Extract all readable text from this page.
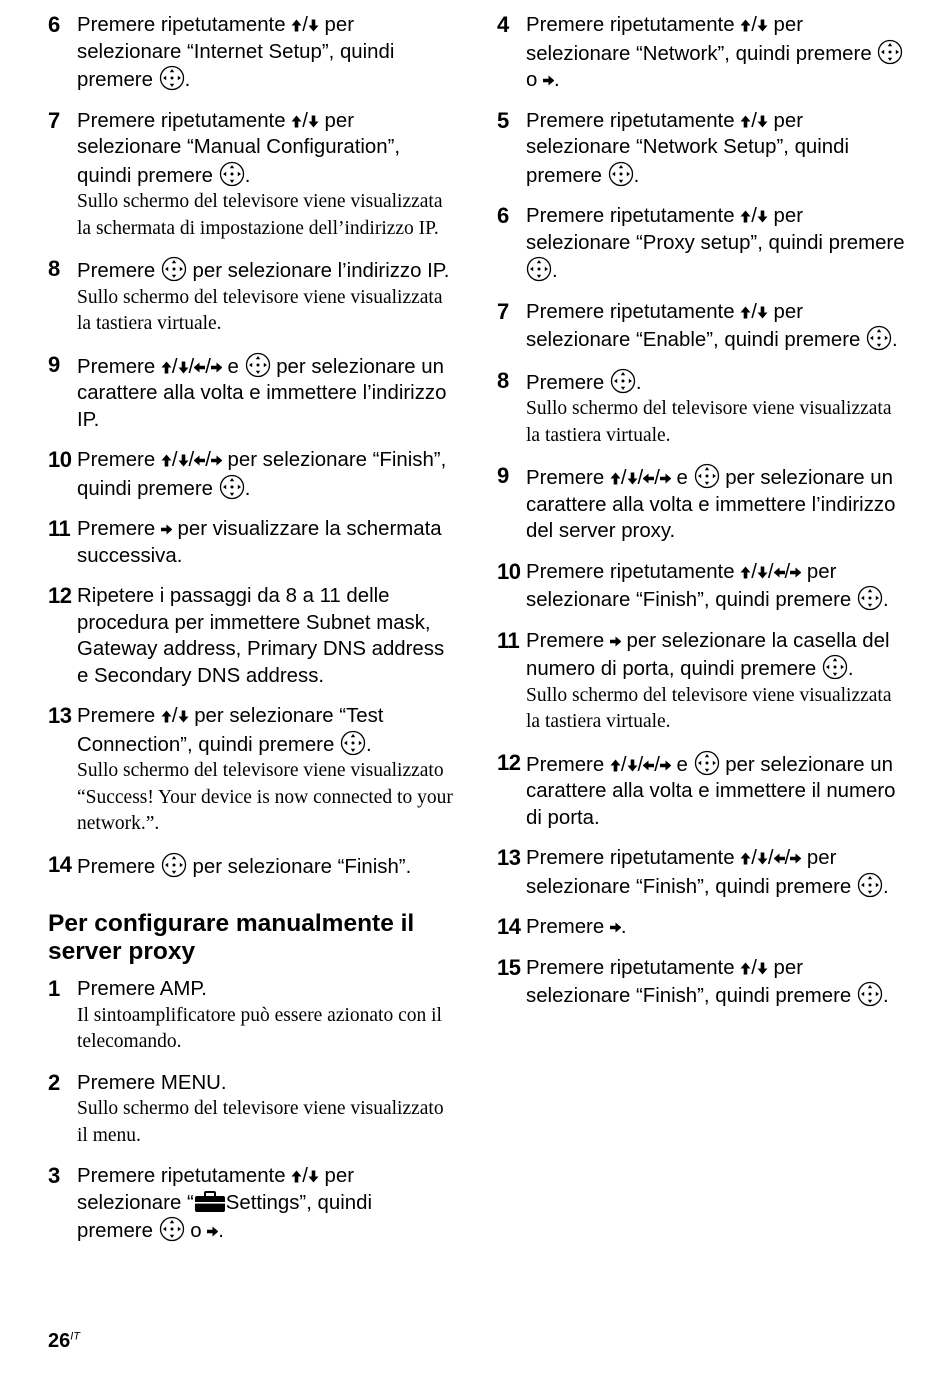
6 Premere ripetutamente / per selezionare “Internet Setup”, quindi premere .
7 Premere ripetutamente / per selezionare “Manual Configuration”, quindi premere .
Sullo schermo del televisore viene visualizzata la schermata di impostazione dell’indirizzo IP.
8 Premere  per selezionare l’indirizzo IP.
Sullo schermo del televisore viene visualizzata la tastiera virtuale.
9 Premere / / / e  per selezionare un carattere alla volta e immettere l’indirizzo IP.
10 Premere / / / per selezionare “Finish”, quindi premere .
11 Premere  per visualizzare la schermata successiva.
12 Ripetere i passaggi da 8 a 11 delle procedura per immettere Subnet mask, Gateway address, Primary DNS address e Secondary DNS address.
13 Premere / per selezionare “Test Connection”, quindi premere .
Sullo schermo del televisore viene visualizzato “Success! Your device is now connected to your network.”.
14 Premere  per selezionare “Finish”.
Per configurare manualmente il server proxy
1 Premere AMP.
Il sintoamplificatore può essere azionato con il telecomando.
2 Premere MENU.
Sullo schermo del televisore viene visualizzato il menu.
3 Premere ripetutamente / per selezionare “ Settings”, quindi premere  o .
4 Premere ripetutamente / per selezionare “Network”, quindi premere  o .
5 Premere ripetutamente / per selezionare “Network Setup”, quindi premere .
6 Premere ripetutamente / per selezionare “Proxy setup”, quindi premere .
7 Premere ripetutamente / per selezionare “Enable”, quindi premere .
8 Premere .
Sullo schermo del televisore viene visualizzata la tastiera virtuale.
9 Premere / / / e  per selezionare un carattere alla volta e immettere l’indirizzo del server proxy.
10 Premere ripetutamente / / / per selezionare “Finish”, quindi premere .
11 Premere  per selezionare la casella del numero di porta, quindi premere .
Sullo schermo del televisore viene visualizzata la tastiera virtuale.
12 Premere / / / e  per selezionare un carattere alla volta e immettere il numero di porta.
13 Premere ripetutamente / / / per selezionare “Finish”, quindi premere .
14 Premere .
15 Premere ripetutamente / per selezionare “Finish”, quindi premere .
$26^{IT}$
